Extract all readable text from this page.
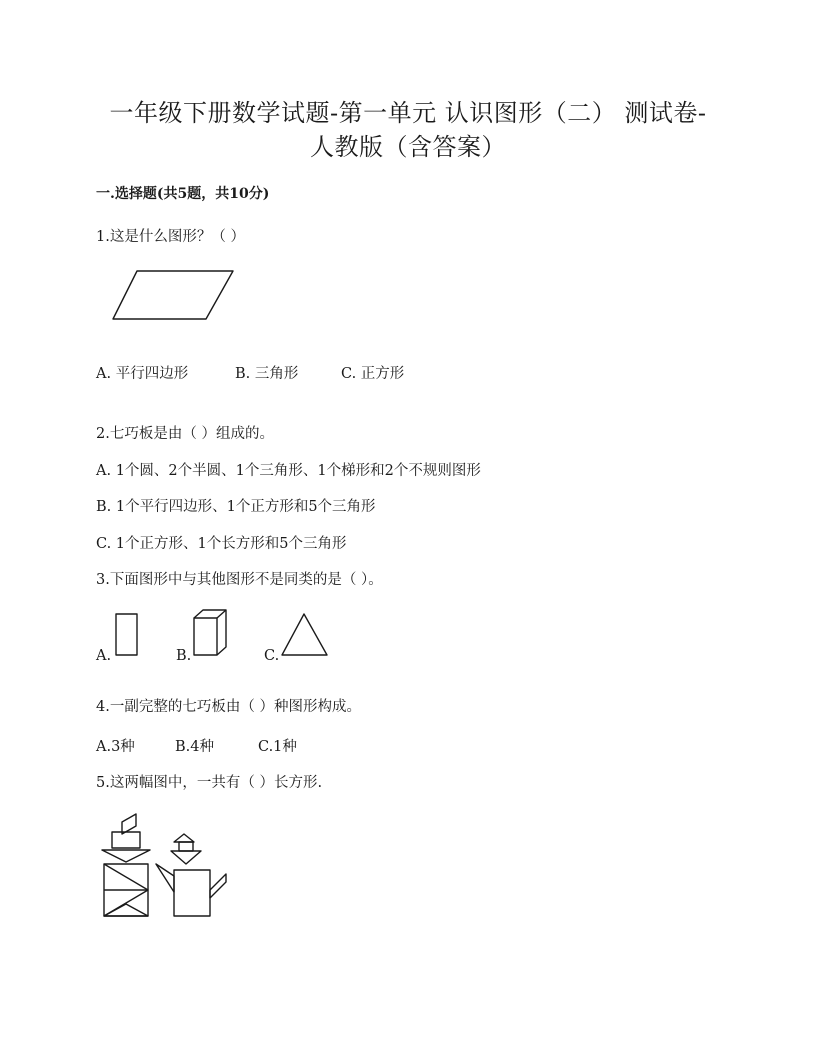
一年级下册数学试题-第一单元 认识图形（二） 测试卷-
人教版（含答案）
一.选择题(共5题，共10分)
1.这是什么图形？（ ）
A. 平行四边形	B. 三角形	C. 正方形
2.七巧板是由（ ）组成的。
A. 1个圆、2个半圆、1个三角形、1个梯形和2个不规则图形
B. 1个平行四边形、1个正方形和5个三角形
C. 1个正方形、1个长方形和5个三角形
3.下面图形中与其他图形不是同类的是（ ）。
A.	B.	C.
4.一副完整的七巧板由（ ）种图形构成。
A.3种	B.4种	C.1种
5.这两幅图中，一共有（ ）长方形.
